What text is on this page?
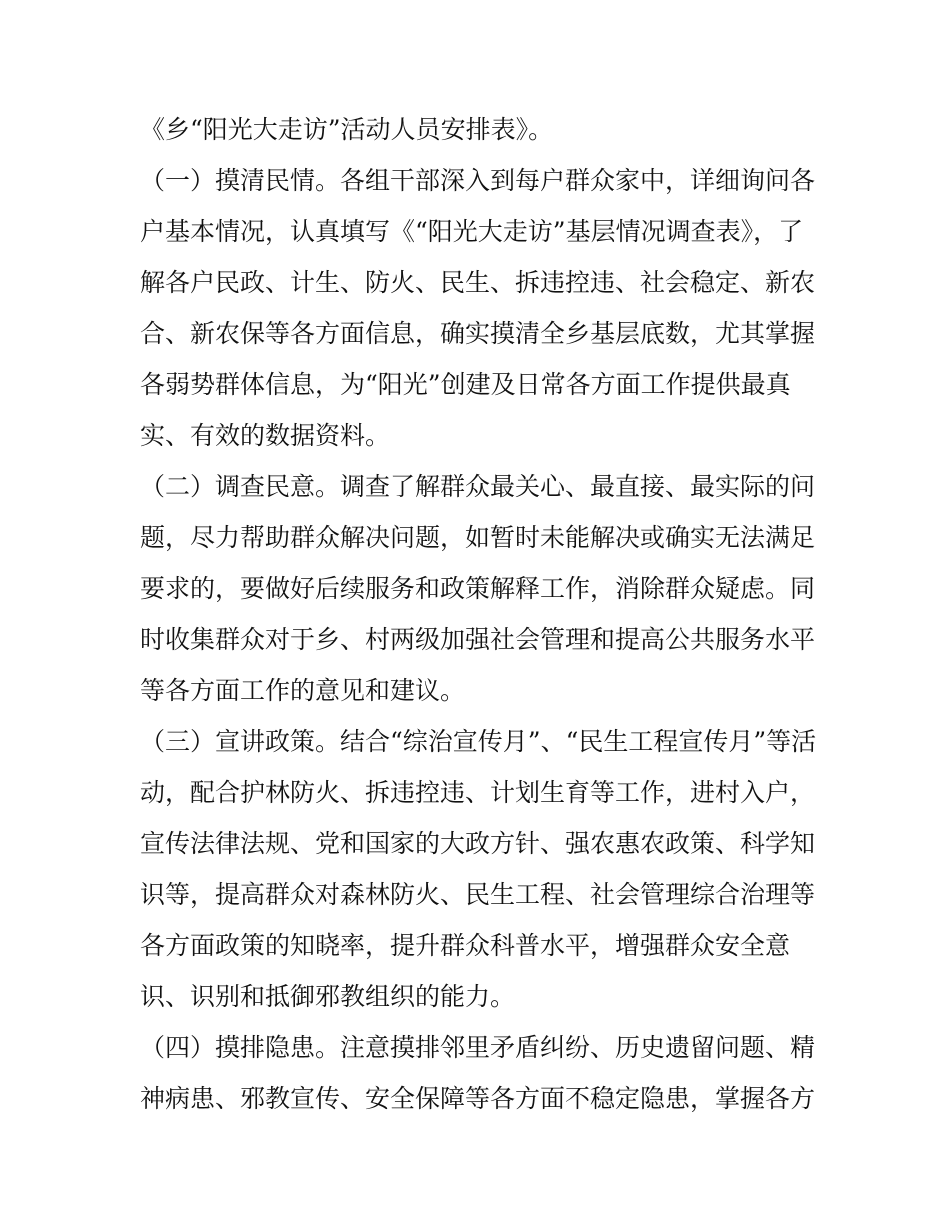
《乡“阳光大走访”活动人员安排表》。
（一）摸清民情。各组干部深入到每户群众家中，详细询问各
户基本情况，认真填写《“阳光大走访”基层情况调查表》，了
解各户民政、计生、防火、民生、拆违控违、社会稳定、新农
合、新农保等各方面信息，确实摸清全乡基层底数，尤其掌握
各弱势群体信息，为“阳光”创建及日常各方面工作提供最真
实、有效的数据资料。
（二）调查民意。调查了解群众最关心、最直接、最实际的问
题，尽力帮助群众解决问题，如暂时未能解决或确实无法满足
要求的，要做好后续服务和政策解释工作，消除群众疑虑。同
时收集群众对于乡、村两级加强社会管理和提高公共服务水平
等各方面工作的意见和建议。
（三）宣讲政策。结合“综治宣传月”、“民生工程宣传月”等活
动，配合护林防火、拆违控违、计划生育等工作，进村入户，
宣传法律法规、党和国家的大政方针、强农惠农政策、科学知
识等，提高群众对森林防火、民生工程、社会管理综合治理等
各方面政策的知晓率，提升群众科普水平，增强群众安全意
识、识别和抵御邪教组织的能力。
（四）摸排隐患。注意摸排邻里矛盾纠纷、历史遗留问题、精
神病患、邪教宣传、安全保障等各方面不稳定隐患，掌握各方
